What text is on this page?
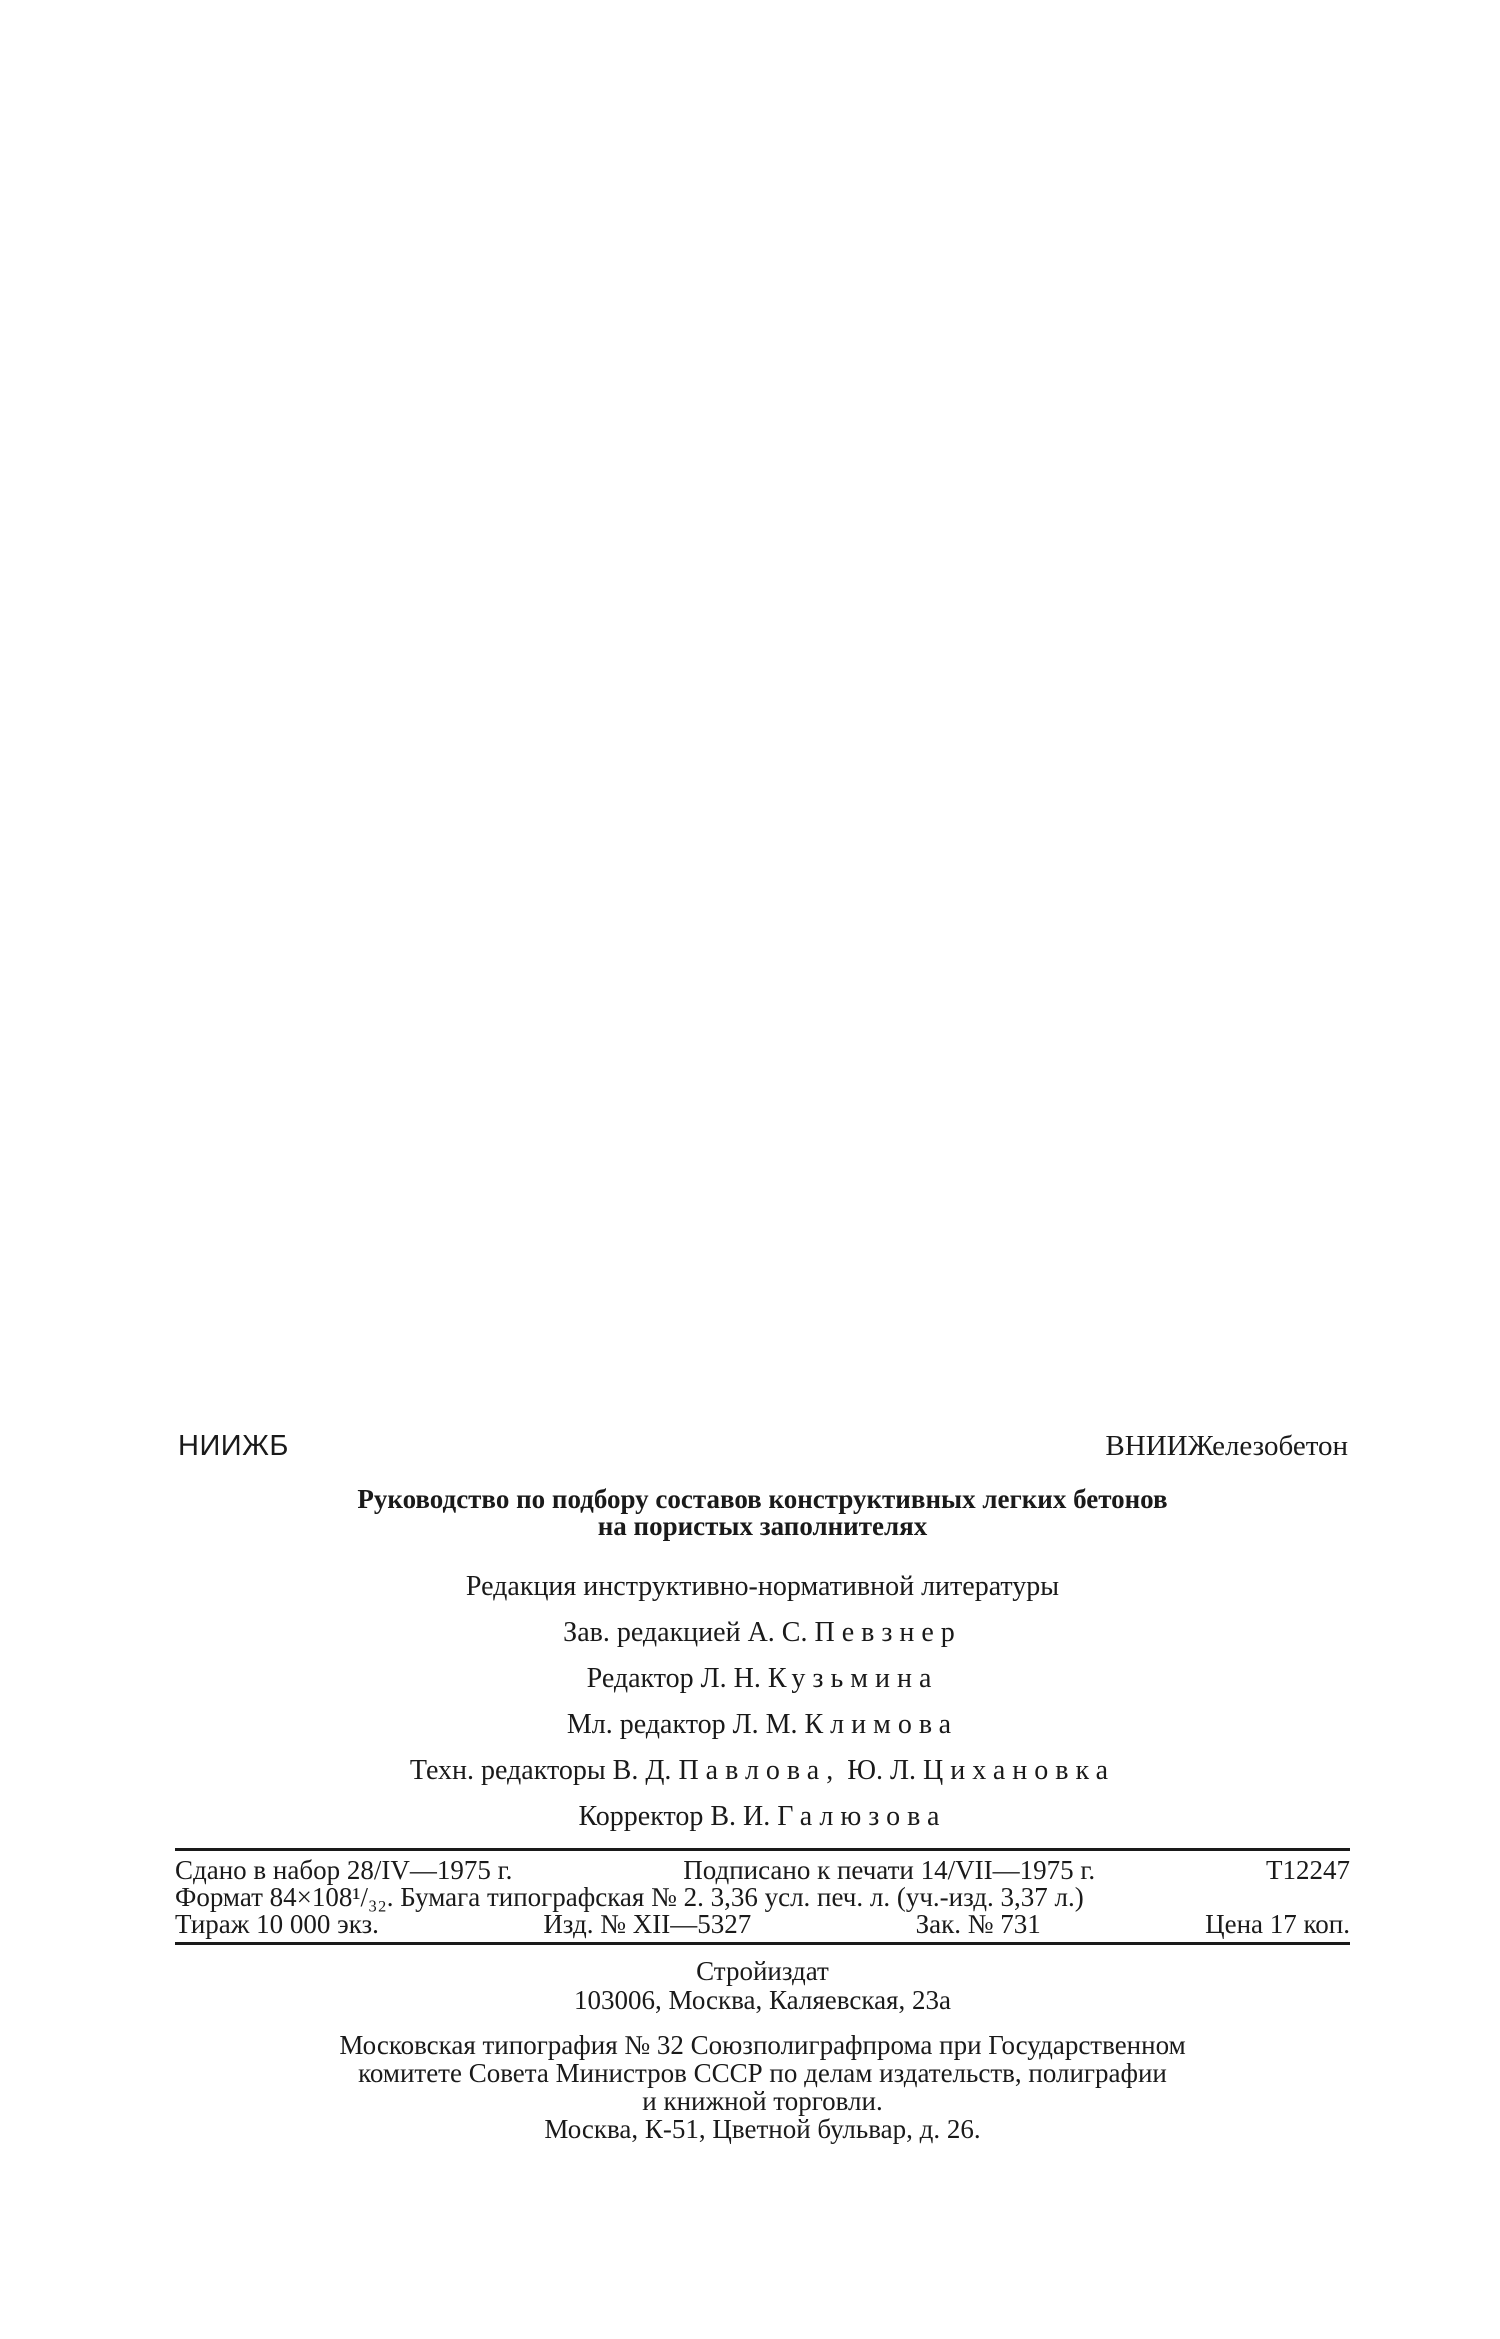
НИИЖБ	ВНИИЖелезобетон
Руководство по подбору составов конструктивных легких бетонов
на пористых заполнителях
Редакция инструктивно-нормативной литературы
Зав. редакцией А. С. Певзнер
Редактор Л. Н. Кузьмина
Мл. редактор Л. М. Климова
Техн. редакторы В. Д. Павлова, Ю. Л. Цихановка
Корректор В. И. Галюзова
Сдано в набор 28/IV—1975 г.	Подписано к печати 14/VII—1975 г.	Т12247
Формат 84×108¹/₃₂. Бумага типографская № 2. 3,36 усл. печ. л. (уч.-изд. 3,37 л.)
Тираж 10 000 экз.	Изд. № XII—5327	Зак. № 731	Цена 17 коп.
Стройиздат
103006, Москва, Каляевская, 23а
Московская типография № 32 Союзполиграфпрома при Государственном
комитете Совета Министров СССР по делам издательств, полиграфии
и книжной торговли.
Москва, К-51, Цветной бульвар, д. 26.
